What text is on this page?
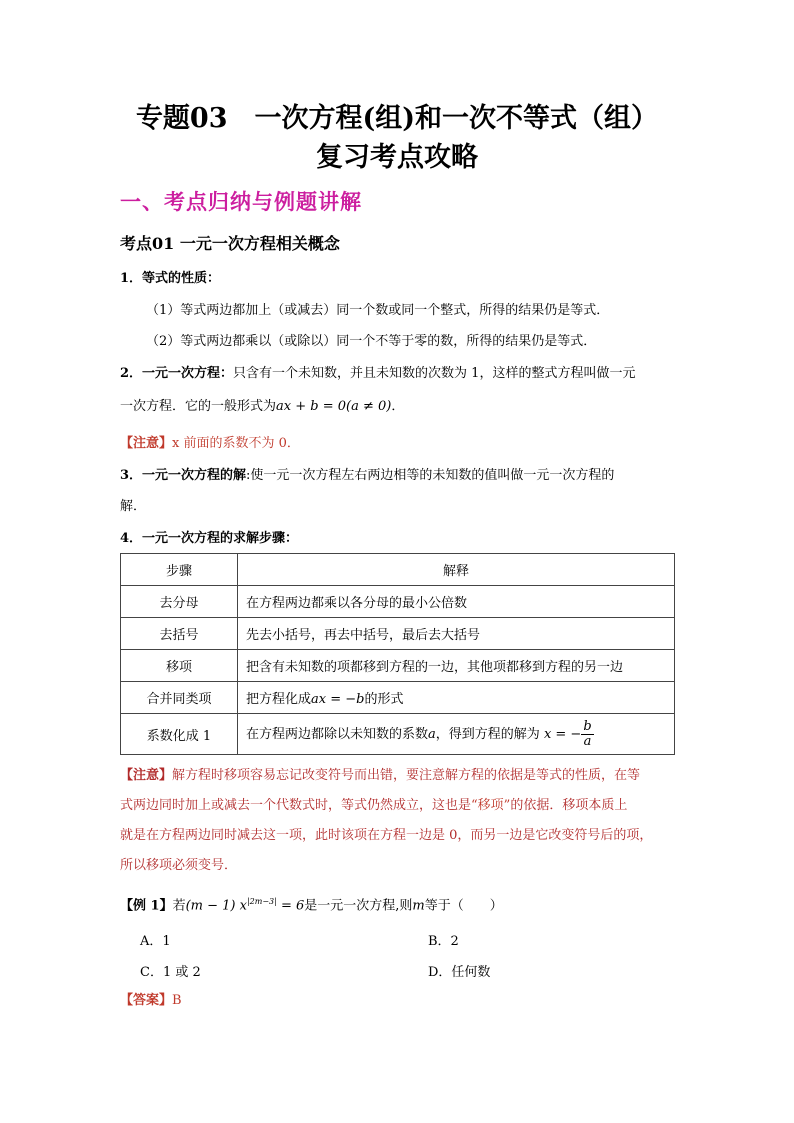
专题03　一次方程(组)和一次不等式（组）
复习考点攻略
一、考点归纳与例题讲解
考点01 一元一次方程相关概念
1．等式的性质：
（1）等式两边都加上（或减去）同一个数或同一个整式，所得的结果仍是等式．
（2）等式两边都乘以（或除以）同一个不等于零的数，所得的结果仍是等式．
2．一元一次方程：只含有一个未知数，并且未知数的次数为 1，这样的整式方程叫做一元
一次方程．它的一般形式为ax + b = 0(a ≠ 0)．
【注意】x 前面的系数不为 0．
3．一元一次方程的解:使一元一次方程左右两边相等的未知数的值叫做一元一次方程的
解．
4．一元一次方程的求解步骤：
步骤	解释
去分母	在方程两边都乘以各分母的最小公倍数
去括号	先去小括号，再去中括号，最后去大括号
移项	把含有未知数的项都移到方程的一边，其他项都移到方程的另一边
合并同类项	把方程化成ax = −b的形式
系数化成 1	在方程两边都除以未知数的系数a，得到方程的解为 x = − $\frac{b}{a}$
【注意】解方程时移项容易忘记改变符号而出错，要注意解方程的依据是等式的性质，在等
式两边同时加上或减去一个代数式时，等式仍然成立，这也是“移项”的依据．移项本质上
就是在方程两边同时减去这一项，此时该项在方程一边是 0，而另一边是它改变符号后的项，
所以移项必须变号．
【例 1】若(m − 1) $x^{|2m-3|} = 6$是一元一次方程,则m等于（　　）
A．1	B．2
C．1 或 2	D．任何数
【答案】B
